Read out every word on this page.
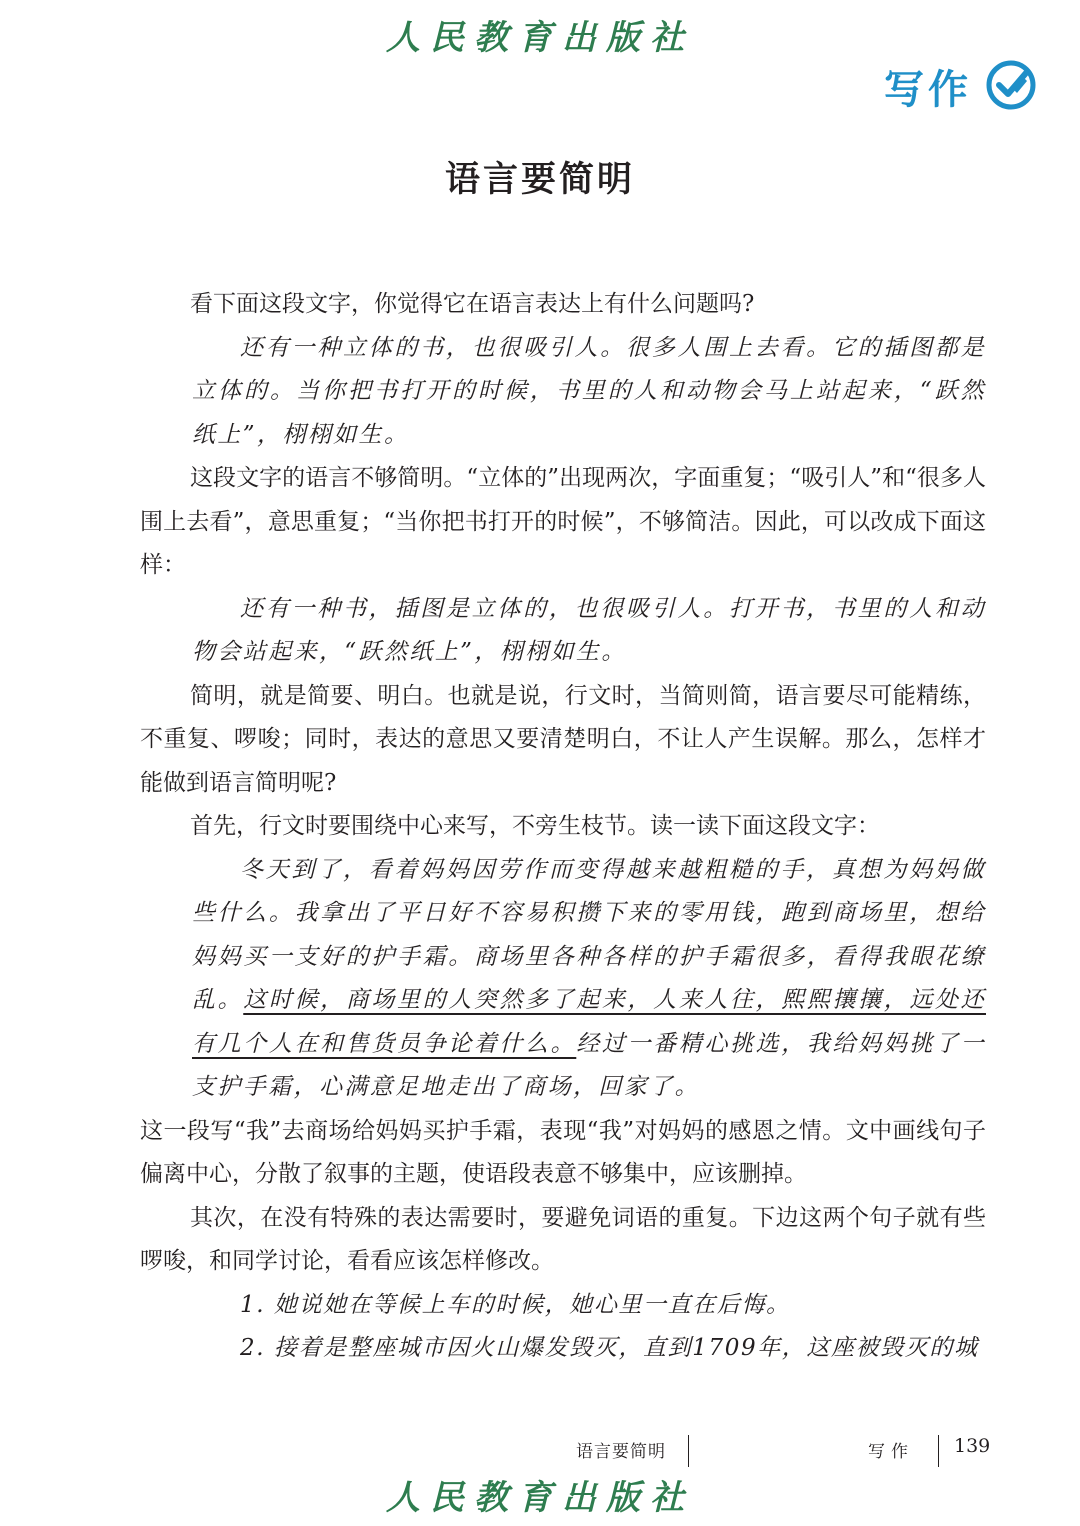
人民教育出版社
写作
语言要简明

看下面这段文字，你觉得它在语言表达上有什么问题吗?

还有一种立体的书，也很吸引人。很多人围上去看。它的插图都是立体的。当你把书打开的时候，书里的人和动物会马上站起来，“跃然纸上”，栩栩如生。

这段文字的语言不够简明。“立体的”出现两次，字面重复；“吸引人”和“很多人围上去看”，意思重复；“当你把书打开的时候”，不够简洁。因此，可以改成下面这样：

还有一种书，插图是立体的，也很吸引人。打开书，书里的人和动物会站起来，“跃然纸上”，栩栩如生。

简明，就是简要、明白。也就是说，行文时，当简则简，语言要尽可能精练，不重复、啰唆；同时，表达的意思又要清楚明白，不让人产生误解。那么，怎样才能做到语言简明呢?

首先，行文时要围绕中心来写，不旁生枝节。读一读下面这段文字：

冬天到了，看着妈妈因劳作而变得越来越粗糙的手，真想为妈妈做些什么。我拿出了平日好不容易积攒下来的零用钱，跑到商场里，想给妈妈买一支好的护手霜。商场里各种各样的护手霜很多，看得我眼花缭乱。这时候，商场里的人突然多了起来，人来人往，熙熙攘攘，远处还有几个人在和售货员争论着什么。经过一番精心挑选，我给妈妈挑了一支护手霜，心满意足地走出了商场，回家了。

这一段写“我”去商场给妈妈买护手霜，表现“我”对妈妈的感恩之情。文中画线句子偏离中心，分散了叙事的主题，使语段表意不够集中，应该删掉。

其次，在没有特殊的表达需要时，要避免词语的重复。下边这两个句子就有些啰唆，和同学讨论，看看应该怎样修改。

1. 她说她在等候上车的时候，她心里一直在后悔。

2. 接着是整座城市因火山爆发毁灭，直到1709年，这座被毁灭的城

语言要简明	写作 139
人民教育出版社
